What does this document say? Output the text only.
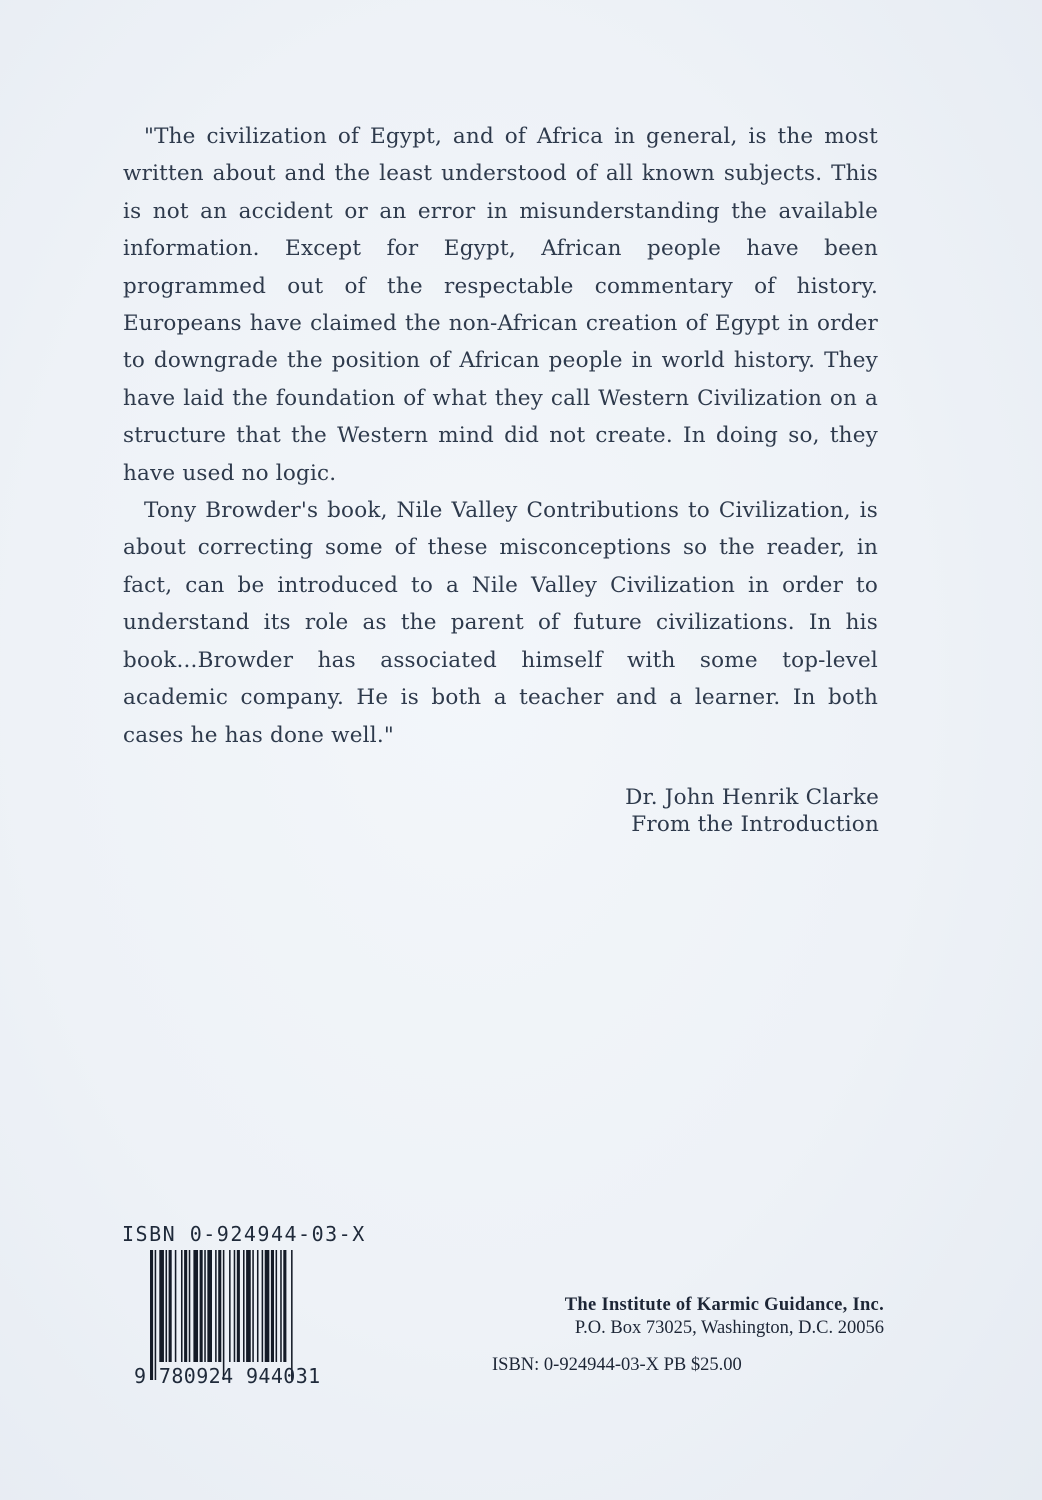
"The civilization of Egypt, and of Africa in general, is the most written about and the least understood of all known subjects. This is not an accident or an error in misunderstanding the available information. Except for Egypt, African people have been programmed out of the respectable commentary of history. Europeans have claimed the non-African creation of Egypt in order to downgrade the position of African people in world history. They have laid the foundation of what they call Western Civilization on a structure that the Western mind did not create. In doing so, they have used no logic.

Tony Browder's book, Nile Valley Contributions to Civilization, is about correcting some of these misconceptions so the reader, in fact, can be introduced to a Nile Valley Civilization in order to understand its role as the parent of future civilizations. In his book...Browder has associated himself with some top-level academic company. He is both a teacher and a learner. In both cases he has done well."

Dr. John Henrik Clarke
From the Introduction
ISBN 0-924944-03-X
9 780924 944031
The Institute of Karmic Guidance, Inc.
P.O. Box 73025, Washington, D.C. 20056
ISBN: 0-924944-03-X PB $25.00
